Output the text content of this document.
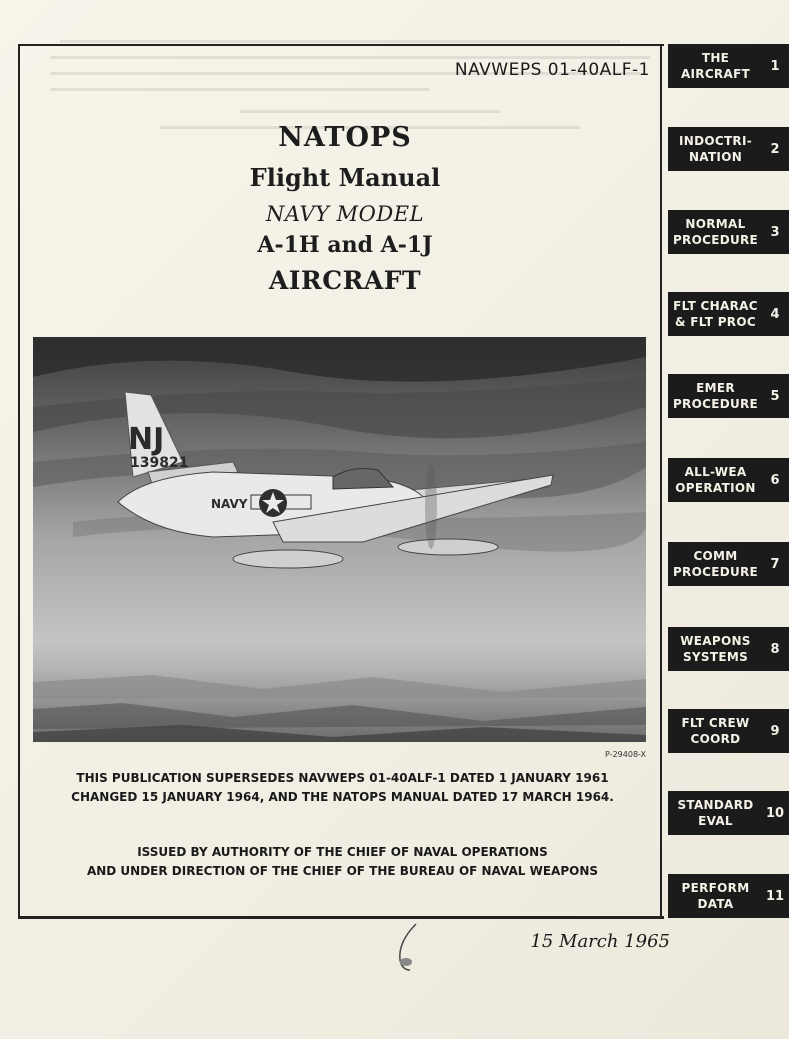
NAVWEPS 01-40ALF-1
NATOPS
Flight Manual
NAVY MODEL
A-1H and A-1J
AIRCRAFT
NJ
139821
NAVY
P-29408-X
THIS PUBLICATION SUPERSEDES NAVWEPS 01-40ALF-1 DATED 1 JANUARY 1961
CHANGED 15 JANUARY 1964, AND THE NATOPS MANUAL DATED 17 MARCH 1964.
ISSUED BY AUTHORITY OF THE CHIEF OF NAVAL OPERATIONS
AND UNDER DIRECTION OF THE CHIEF OF THE BUREAU OF NAVAL WEAPONS
15 March 1965
THE
AIRCRAFT
1
INDOCTRI-
NATION
2
NORMAL
PROCEDURE
3
FLT CHARAC
& FLT PROC
4
EMER
PROCEDURE
5
ALL-WEA
OPERATION
6
COMM
PROCEDURE
7
WEAPONS
SYSTEMS
8
FLT CREW
COORD
9
STANDARD
EVAL
10
PERFORM
DATA
11
